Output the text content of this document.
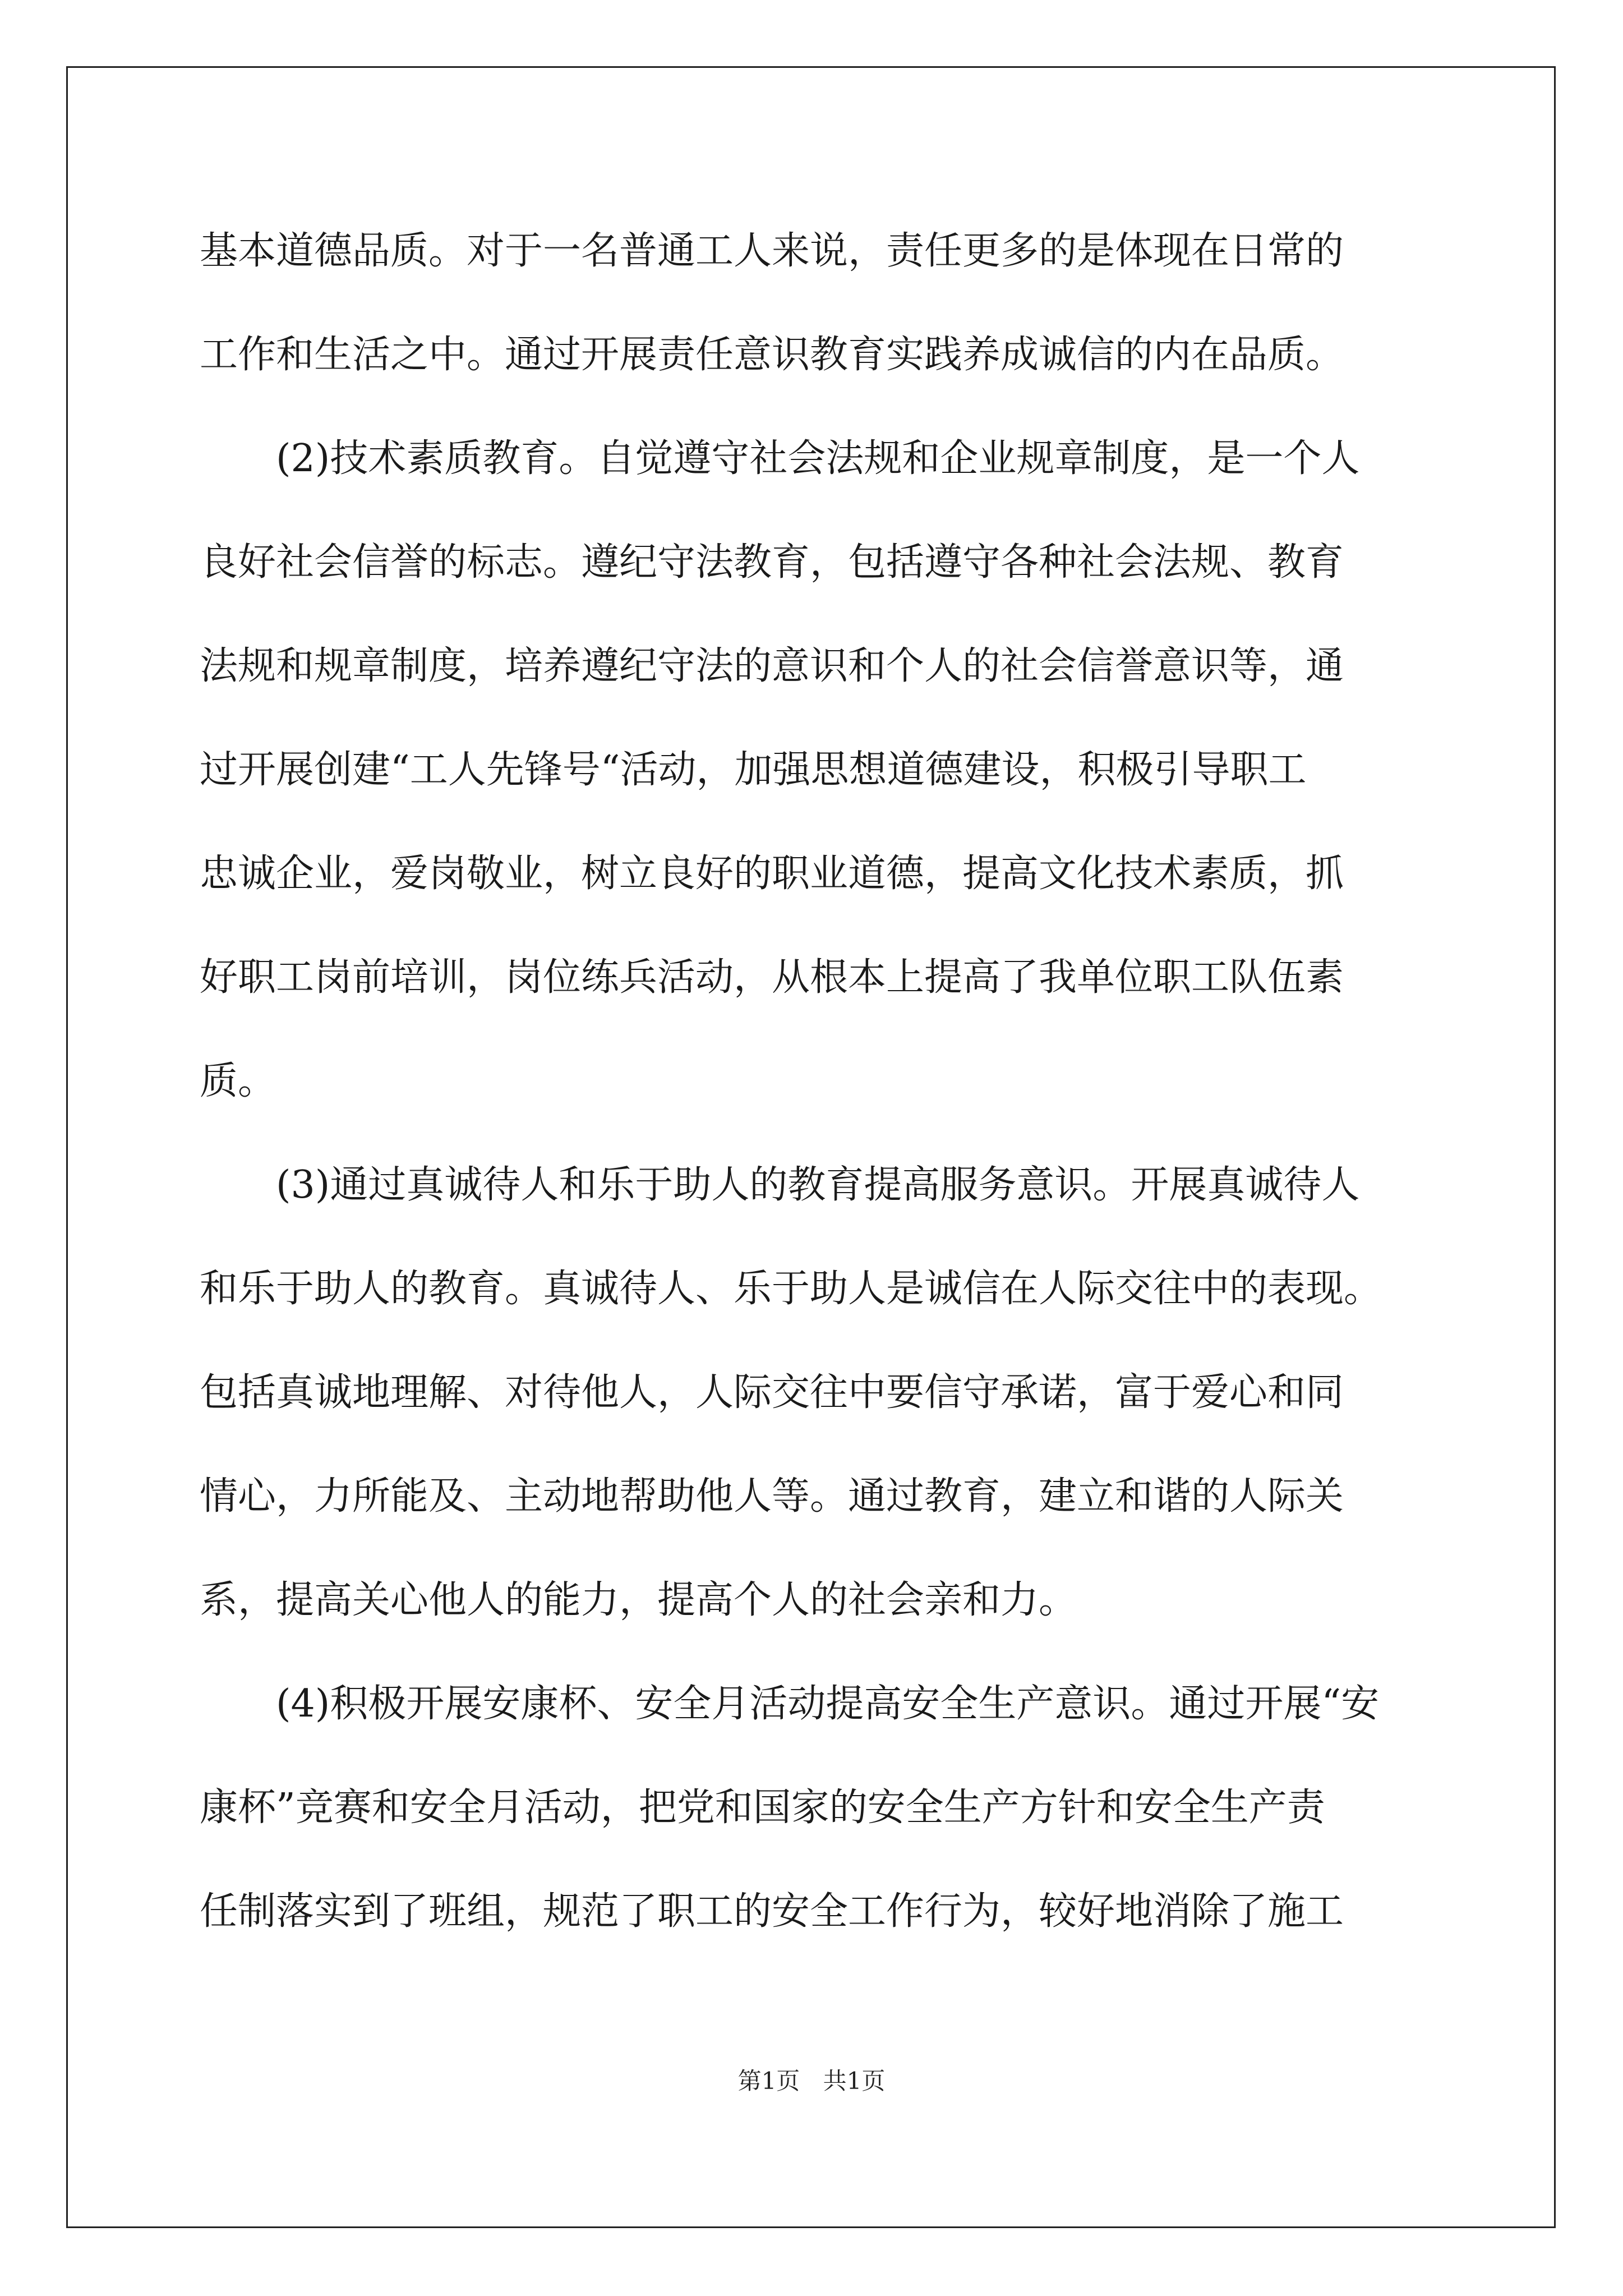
基本道德品质。对于一名普通工人来说，责任更多的是体现在日常的
工作和生活之中。通过开展责任意识教育实践养成诚信的内在品质。
(2)技术素质教育。自觉遵守社会法规和企业规章制度，是一个人
良好社会信誉的标志。遵纪守法教育，包括遵守各种社会法规、教育
法规和规章制度，培养遵纪守法的意识和个人的社会信誉意识等，通
过开展创建“工人先锋号“活动，加强思想道德建设，积极引导职工
忠诚企业，爱岗敬业，树立良好的职业道德，提高文化技术素质，抓
好职工岗前培训，岗位练兵活动，从根本上提高了我单位职工队伍素
质。
(3)通过真诚待人和乐于助人的教育提高服务意识。开展真诚待人
和乐于助人的教育。真诚待人、乐于助人是诚信在人际交往中的表现。
包括真诚地理解、对待他人，人际交往中要信守承诺，富于爱心和同
情心，力所能及、主动地帮助他人等。通过教育，建立和谐的人际关
系，提高关心他人的能力，提高个人的社会亲和力。
(4)积极开展安康杯、安全月活动提高安全生产意识。通过开展“安
康杯”竞赛和安全月活动，把党和国家的安全生产方针和安全生产责
任制落实到了班组，规范了职工的安全工作行为，较好地消除了施工
第1页 共1页
